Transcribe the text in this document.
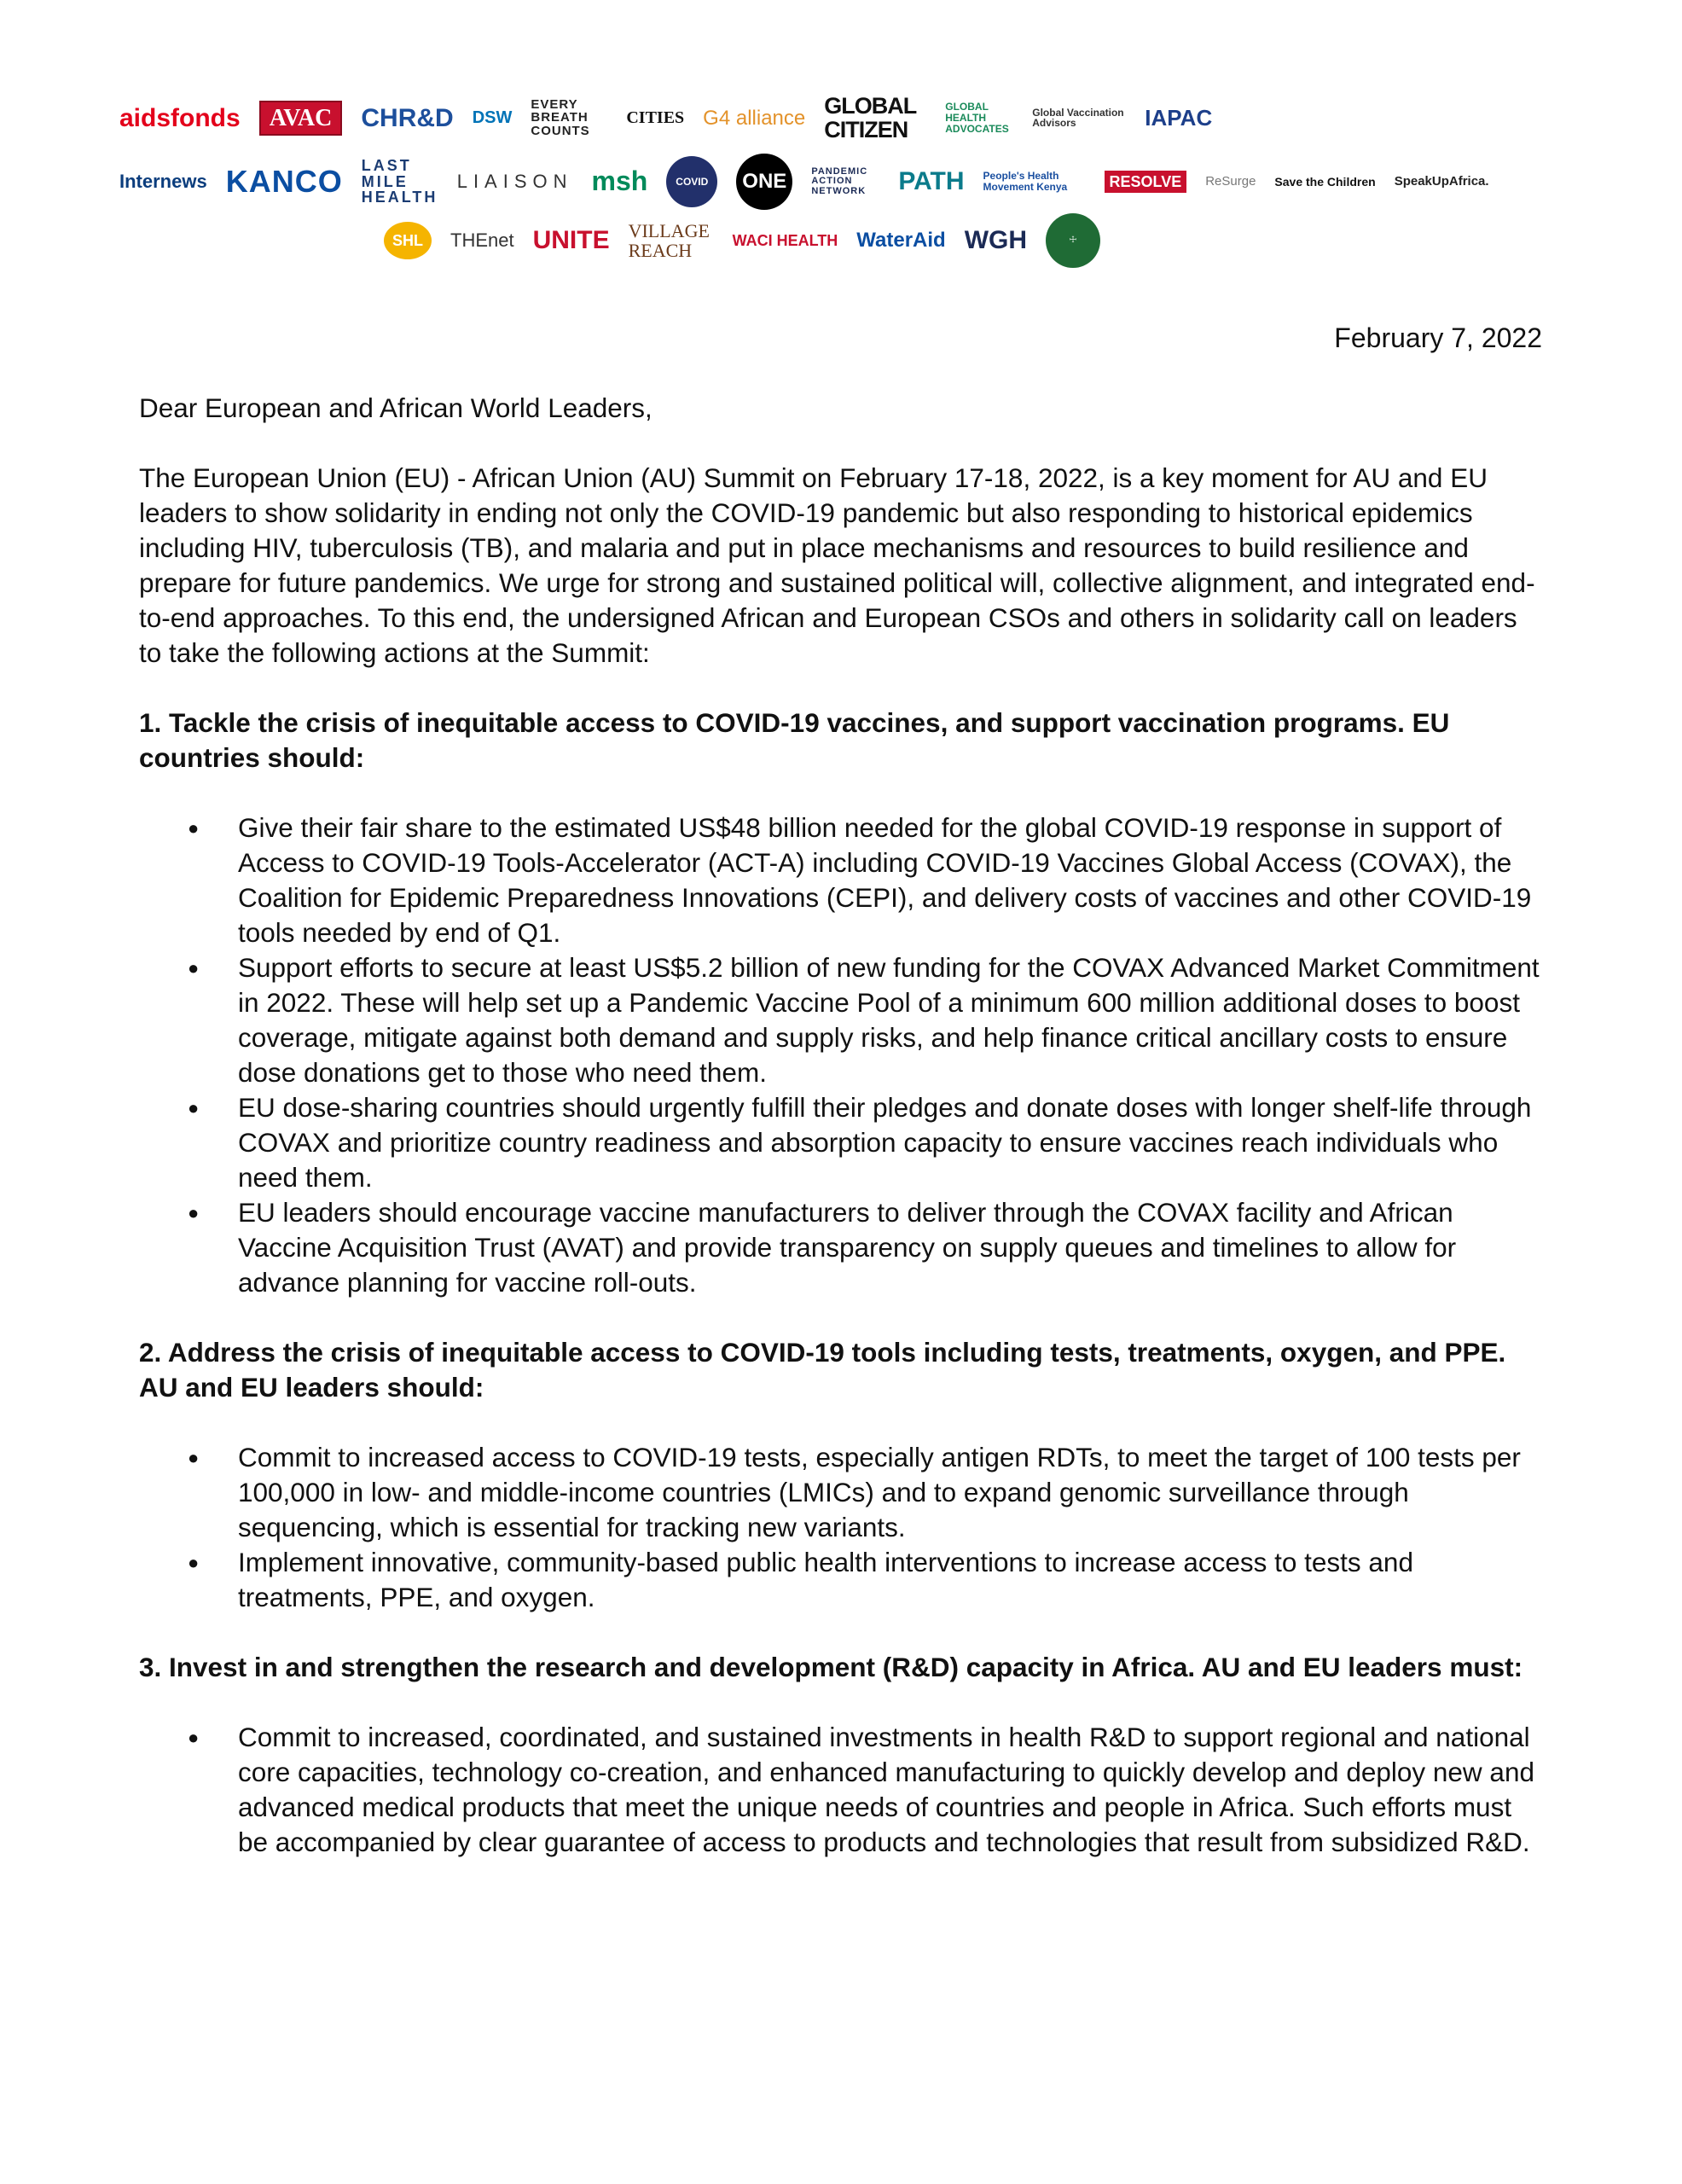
aidsfonds	AVAC	CHR&D DSW
EVERY BREATH COUNTS
CITIES G4 alliance GLOBAL CITIZEN
GLOBAL HEALTH ADVOCATES
Global Vaccination Advisors	IAPAC
Internews KANCO LAST MILE HEALTH
LIAISON msh	COVID	ONE	PANDEMIC ACTION NETWORK	PATH People's Health Movement Kenya	RESOLVE	ReSurge Save the Children SpeakUpAfrica.
SHL	THEnet UNITE VILLAGE REACH	WACI HEALTH WaterAid WGH	☩
February 7, 2022

Dear European and African World Leaders,

The European Union (EU) - African Union (AU) Summit on February 17-18, 2022, is a key moment for AU and EU leaders to show solidarity in ending not only the COVID-19 pandemic but also responding to historical epidemics including HIV, tuberculosis (TB), and malaria and put in place mechanisms and resources to build resilience and prepare for future pandemics. We urge for strong and sustained political will, collective alignment, and integrated end-to-end approaches. To this end, the undersigned African and European CSOs and others in solidarity call on leaders to take the following actions at the Summit:

1. Tackle the crisis of inequitable access to COVID-19 vaccines, and support vaccination programs. EU countries should:

● Give their fair share to the estimated US$48 billion needed for the global COVID-19 response in support of Access to COVID-19 Tools-Accelerator (ACT-A) including COVID-19 Vaccines Global Access (COVAX), the Coalition for Epidemic Preparedness Innovations (CEPI), and delivery costs of vaccines and other COVID-19 tools needed by end of Q1.
● Support efforts to secure at least US$5.2 billion of new funding for the COVAX Advanced Market Commitment in 2022. These will help set up a Pandemic Vaccine Pool of a minimum 600 million additional doses to boost coverage, mitigate against both demand and supply risks, and help finance critical ancillary costs to ensure dose donations get to those who need them.
● EU dose-sharing countries should urgently fulfill their pledges and donate doses with longer shelf-life through COVAX and prioritize country readiness and absorption capacity to ensure vaccines reach individuals who need them.
● EU leaders should encourage vaccine manufacturers to deliver through the COVAX facility and African Vaccine Acquisition Trust (AVAT) and provide transparency on supply queues and timelines to allow for advance planning for vaccine roll-outs.

2. Address the crisis of inequitable access to COVID-19 tools including tests, treatments, oxygen, and PPE. AU and EU leaders should:

● Commit to increased access to COVID-19 tests, especially antigen RDTs, to meet the target of 100 tests per 100,000 in low- and middle-income countries (LMICs) and to expand genomic surveillance through sequencing, which is essential for tracking new variants.
● Implement innovative, community-based public health interventions to increase access to tests and treatments, PPE, and oxygen.

3. Invest in and strengthen the research and development (R&D) capacity in Africa. AU and EU leaders must:

● Commit to increased, coordinated, and sustained investments in health R&D to support regional and national core capacities, technology co-creation, and enhanced manufacturing to quickly develop and deploy new and advanced medical products that meet the unique needs of countries and people in Africa. Such efforts must be accompanied by clear guarantee of access to products and technologies that result from subsidized R&D.
